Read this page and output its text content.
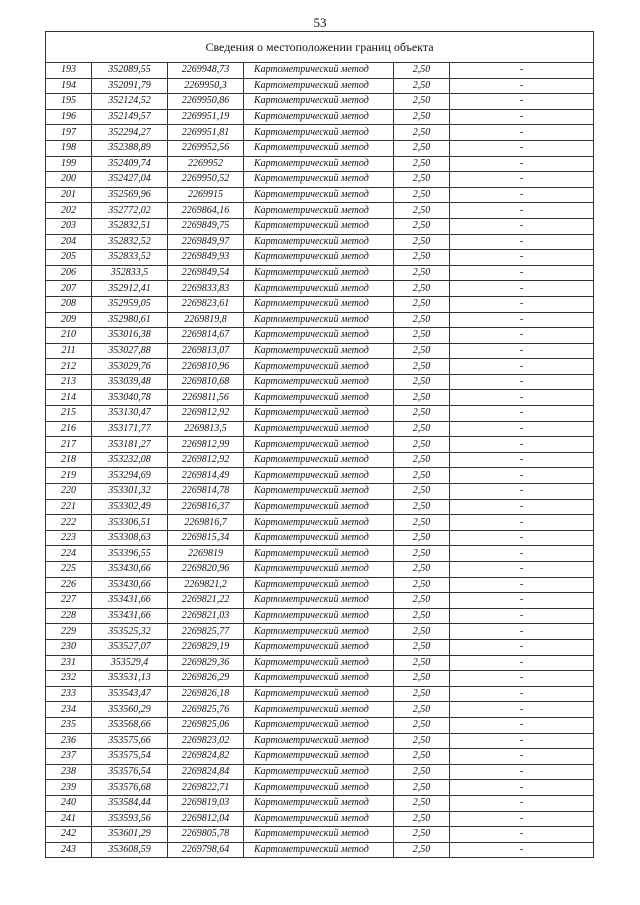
53
Сведения о местоположении границ объекта					
193	352089,55	2269948,73	Картометрический метод	2,50	-
194	352091,79	2269950,3	Картометрический метод	2,50	-
195	352124,52	2269950,86	Картометрический метод	2,50	-
196	352149,57	2269951,19	Картометрический метод	2,50	-
197	352294,27	2269951,81	Картометрический метод	2,50	-
198	352388,89	2269952,56	Картометрический метод	2,50	-
199	352409,74	2269952	Картометрический метод	2,50	-
200	352427,04	2269950,52	Картометрический метод	2,50	-
201	352569,96	2269915	Картометрический метод	2,50	-
202	352772,02	2269864,16	Картометрический метод	2,50	-
203	352832,51	2269849,75	Картометрический метод	2,50	-
204	352832,52	2269849,97	Картометрический метод	2,50	-
205	352833,52	2269849,93	Картометрический метод	2,50	-
206	352833,5	2269849,54	Картометрический метод	2,50	-
207	352912,41	2269833,83	Картометрический метод	2,50	-
208	352959,05	2269823,61	Картометрический метод	2,50	-
209	352980,61	2269819,8	Картометрический метод	2,50	-
210	353016,38	2269814,67	Картометрический метод	2,50	-
211	353027,88	2269813,07	Картометрический метод	2,50	-
212	353029,76	2269810,96	Картометрический метод	2,50	-
213	353039,48	2269810,68	Картометрический метод	2,50	-
214	353040,78	2269811,56	Картометрический метод	2,50	-
215	353130,47	2269812,92	Картометрический метод	2,50	-
216	353171,77	2269813,5	Картометрический метод	2,50	-
217	353181,27	2269812,99	Картометрический метод	2,50	-
218	353232,08	2269812,92	Картометрический метод	2,50	-
219	353294,69	2269814,49	Картометрический метод	2,50	-
220	353301,32	2269814,78	Картометрический метод	2,50	-
221	353302,49	2269816,37	Картометрический метод	2,50	-
222	353306,51	2269816,7	Картометрический метод	2,50	-
223	353308,63	2269815,34	Картометрический метод	2,50	-
224	353396,55	2269819	Картометрический метод	2,50	-
225	353430,66	2269820,96	Картометрический метод	2,50	-
226	353430,66	2269821,2	Картометрический метод	2,50	-
227	353431,66	2269821,22	Картометрический метод	2,50	-
228	353431,66	2269821,03	Картометрический метод	2,50	-
229	353525,32	2269825,77	Картометрический метод	2,50	-
230	353527,07	2269829,19	Картометрический метод	2,50	-
231	353529,4	2269829,36	Картометрический метод	2,50	-
232	353531,13	2269826,29	Картометрический метод	2,50	-
233	353543,47	2269826,18	Картометрический метод	2,50	-
234	353560,29	2269825,76	Картометрический метод	2,50	-
235	353568,66	2269825,06	Картометрический метод	2,50	-
236	353575,66	2269823,02	Картометрический метод	2,50	-
237	353575,54	2269824,82	Картометрический метод	2,50	-
238	353576,54	2269824,84	Картометрический метод	2,50	-
239	353576,68	2269822,71	Картометрический метод	2,50	-
240	353584,44	2269819,03	Картометрический метод	2,50	-
241	353593,56	2269812,04	Картометрический метод	2,50	-
242	353601,29	2269805,78	Картометрический метод	2,50	-
243	353608,59	2269798,64	Картометрический метод	2,50	-
